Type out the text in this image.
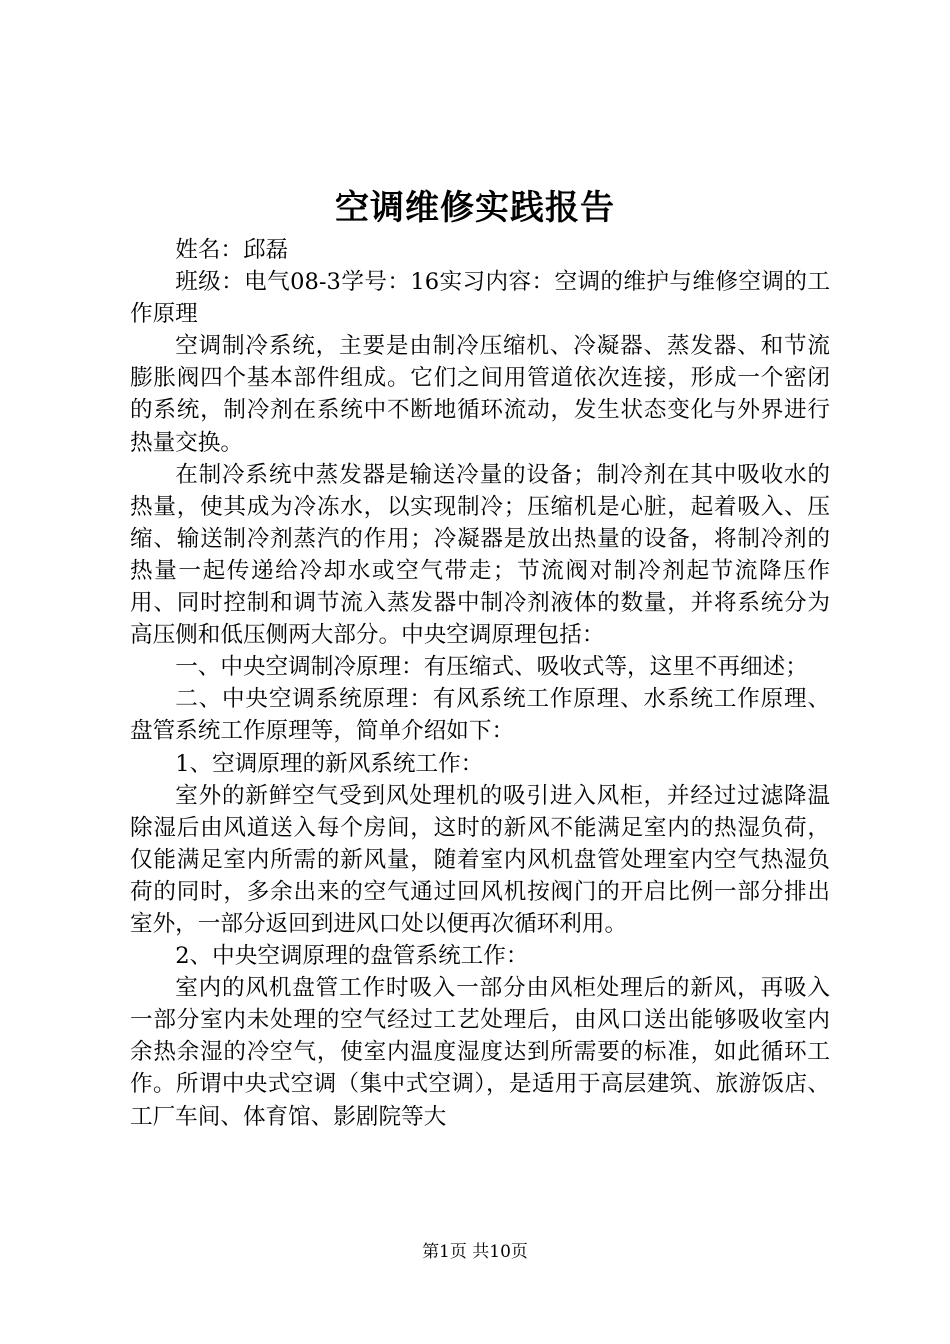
空调维修实践报告

姓名：邱磊

班级：电气08-3学号：16实习内容：空调的维护与维修空调的工作原理

空调制冷系统，主要是由制冷压缩机、冷凝器、蒸发器、和节流膨胀阀四个基本部件组成。它们之间用管道依次连接，形成一个密闭的系统，制冷剂在系统中不断地循环流动，发生状态变化与外界进行热量交换。

在制冷系统中蒸发器是输送冷量的设备；制冷剂在其中吸收水的热量，使其成为冷冻水，以实现制冷；压缩机是心脏，起着吸入、压缩、输送制冷剂蒸汽的作用；冷凝器是放出热量的设备，将制冷剂的热量一起传递给冷却水或空气带走；节流阀对制冷剂起节流降压作用、同时控制和调节流入蒸发器中制冷剂液体的数量，并将系统分为高压侧和低压侧两大部分。中央空调原理包括：

一、中央空调制冷原理：有压缩式、吸收式等，这里不再细述；

二、中央空调系统原理：有风系统工作原理、水系统工作原理、盘管系统工作原理等，简单介绍如下：

1、空调原理的新风系统工作：

室外的新鲜空气受到风处理机的吸引进入风柜，并经过过滤降温除湿后由风道送入每个房间，这时的新风不能满足室内的热湿负荷，仅能满足室内所需的新风量，随着室内风机盘管处理室内空气热湿负荷的同时，多余出来的空气通过回风机按阀门的开启比例一部分排出室外，一部分返回到进风口处以便再次循环利用。

2、中央空调原理的盘管系统工作：

室内的风机盘管工作时吸入一部分由风柜处理后的新风，再吸入一部分室内未处理的空气经过工艺处理后，由风口送出能够吸收室内余热余湿的冷空气，使室内温度湿度达到所需要的标准，如此循环工作。所谓中央式空调（集中式空调），是适用于高层建筑、旅游饭店、工厂车间、体育馆、影剧院等大

第1页 共10页
